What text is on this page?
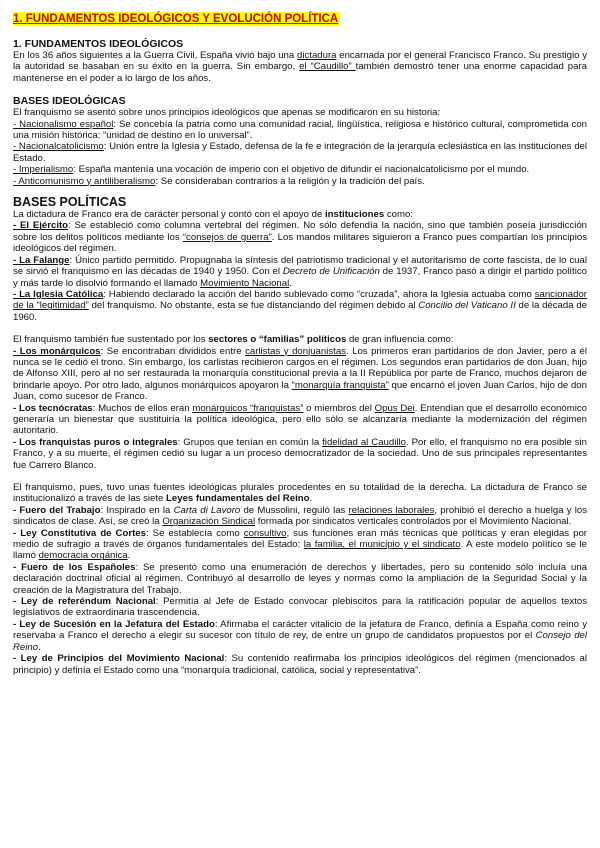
1. FUNDAMENTOS IDEOLÓGICOS Y EVOLUCIÓN POLÍTICA
1. FUNDAMENTOS IDEOLÓGICOS

En los 36 años siguientes a la Guerra Civil, España vivió bajo una dictadura encarnada por el general Francisco Franco. Su prestigio y la autoridad se basaban en su éxito en la guerra. Sin embargo, el “Caudillo” también demostró tener una enorme capacidad para mantenerse en el poder a lo largo de los años.

BASES IDEOLÓGICAS

El franquismo se asentó sobre unos principios ideológicos que apenas se modificaron en su historia:

- Nacionalismo español: Se concebía la patria como una comunidad racial, lingüística, religiosa e histórico cultural, comprometida con una misión histórica: “unidad de destino en lo universal”.

- Nacionalcatolicismo: Unión entre la Iglesia y Estado, defensa de la fe e integración de la jerarquía eclesiástica en las instituciones del Estado.

- Imperialismo: España mantenía una vocación de imperio con el objetivo de difundir el nacionalcatolicismo por el mundo.

- Anticomunismo y antiliberalismo: Se consideraban contrarios a la religión y la tradición del país.

BASES POLÍTICAS

La dictadura de Franco era de carácter personal y contó con el apoyo de instituciones como:

- El Ejército: Se estableció como columna vertebral del régimen. No sólo defendía la nación, sino que también poseía jurisdicción sobre los delitos políticos mediante los “consejos de guerra”. Los mandos militares siguieron a Franco pues compartían los principios ideológicos del régimen.

- La Falange: Único partido permitido. Propugnaba la síntesis del patriotismo tradicional y el autoritarismo de corte fascista, de lo cual se sirvió el franquismo en las décadas de 1940 y 1950. Con el Decreto de Unificación de 1937, Franco pasó a dirigir el partido político y más tarde lo disolvió formando el llamado Movimiento Nacional.

- La Iglesia Católica: Habiendo declarado la acción del bando sublevado como “cruzada”, ahora la Iglesia actuaba como sancionador de la “legitimidad” del franquismo. No obstante, esta se fue distanciando del régimen debido al Concilio del Vaticano II de la década de 1960.

El franquismo también fue sustentado por los sectores o “familias” políticos de gran influencia como:

- Los monárquicos: Se encontraban divididos entre carlistas y donjuanistas. Los primeros eran partidarios de don Javier, pero a él nunca se le cedió el trono. Sin embargo, los carlistas recibieron cargos en el régimen. Los segundos eran partidarios de don Juan, hijo de Alfonso XIII, pero al no ser restaurada la monarquía constitucional previa a la II República por parte de Franco, muchos dejaron de brindarle apoyo. Por otro lado, algunos monárquicos apoyaron la “monarquía franquista” que encarnó el joven Juan Carlos, hijo de don Juan, como sucesor de Franco.

- Los tecnócratas: Muchos de ellos eran monárquicos “franquistas” o miembros del Opus Dei. Entendían que el desarrollo económico generaría un bienestar que sustituiría la política ideológica, pero ello sólo se alcanzaría mediante la modernización del régimen autoritario.

- Los franquistas puros o integrales: Grupos que tenían en común la fidelidad al Caudillo. Por ello, el franquismo no era posible sin Franco, y a su muerte, el régimen cedió su lugar a un proceso democratizador de la sociedad. Uno de sus principales representantes fue Carrero Blanco.

El franquismo, pues, tuvo unas fuentes ideológicas plurales procedentes en su totalidad de la derecha. La dictadura de Franco se institucionalizó a través de las siete Leyes fundamentales del Reino.

- Fuero del Trabajo: Inspirado en la Carta di Lavoro de Mussolini, reguló las relaciones laborales, prohibió el derecho a huelga y los sindicatos de clase. Así, se creó la Organización Sindical formada por sindicatos verticales controlados por el Movimiento Nacional.

- Ley Constitutiva de Cortes: Se establecía como consultivo, sus funciones eran más técnicas que políticas y eran elegidas por medio de sufragio a través de órganos fundamentales del Estado: la familia, el municipio y el sindicato. A este modelo político se le llamó democracia orgánica.

- Fuero de los Españoles: Se presentó como una enumeración de derechos y libertades, pero su contenido sólo incluía una declaración doctrinal oficial al régimen. Contribuyó al desarrollo de leyes y normas como la ampliación de la Seguridad Social y la creación de la Magistratura del Trabajo.

- Ley de referéndum Nacional: Permitía al Jefe de Estado convocar plebiscitos para la ratificación popular de aquellos textos legislativos de extraordinaria trascendencia.

- Ley de Sucesión en la Jefatura del Estado: Afirmaba el carácter vitalicio de la jefatura de Franco, definía a España como reino y reservaba a Franco el derecho a elegir su sucesor con título de rey, de entre un grupo de candidatos propuestos por el Consejo del Reino.

- Ley de Principios del Movimiento Nacional: Su contenido reafirmaba los principios ideológicos del régimen (mencionados al principio) y definía el Estado como una “monarquía tradicional, católica, social y representativa”.
